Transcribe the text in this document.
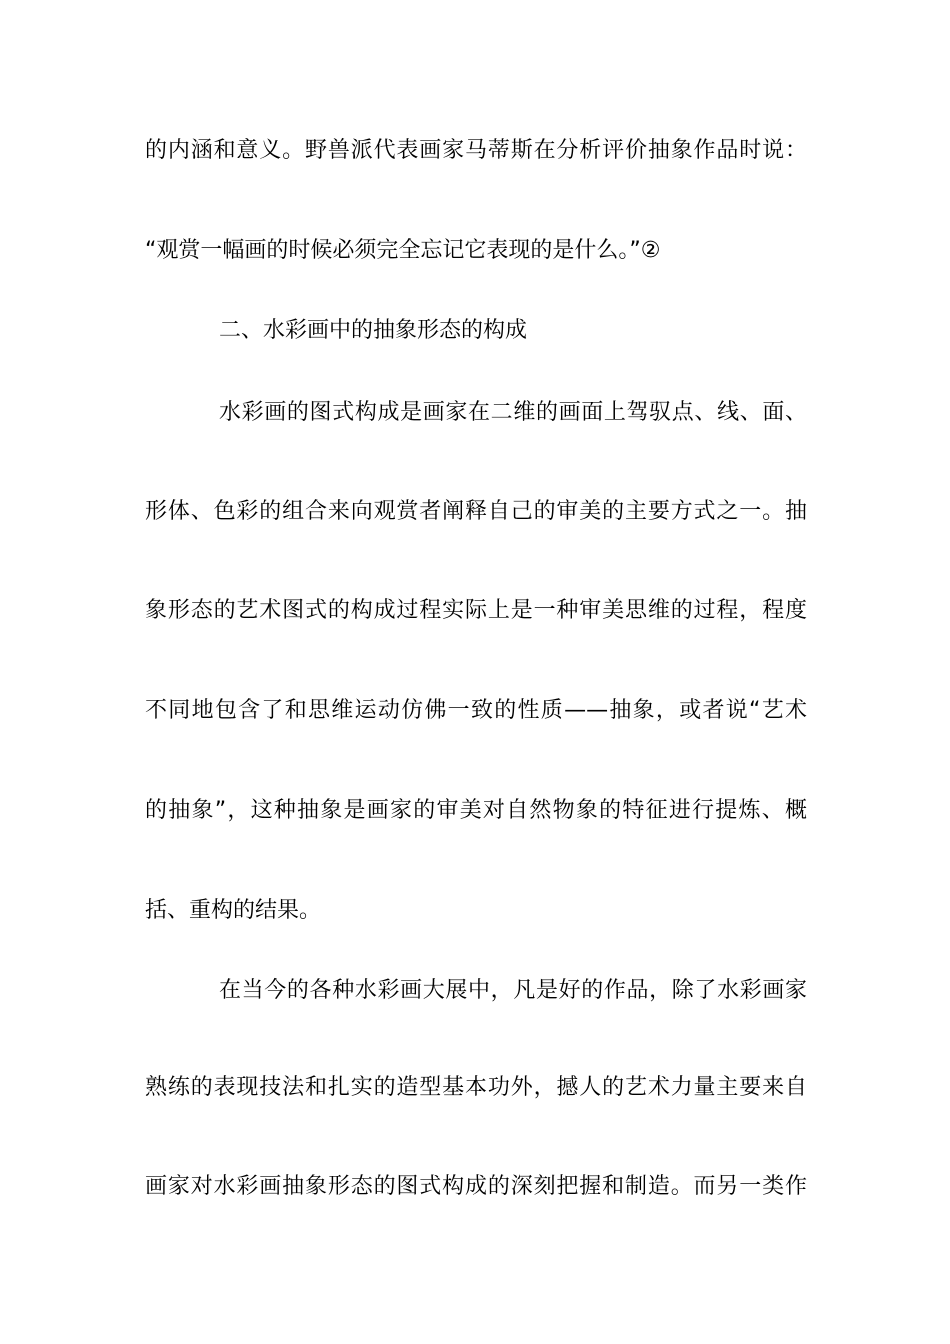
的内涵和意义。野兽派代表画家马蒂斯在分析评价抽象作品时说：
“观赏一幅画的时候必须完全忘记它表现的是什么。”②
二、水彩画中的抽象形态的构成
水彩画的图式构成是画家在二维的画面上驾驭点、线、面、
形体、色彩的组合来向观赏者阐释自己的审美的主要方式之一。抽
象形态的艺术图式的构成过程实际上是一种审美思维的过程，程度
不同地包含了和思维运动仿佛一致的性质——抽象，或者说“艺术
的抽象”，这种抽象是画家的审美对自然物象的特征进行提炼、概
括、重构的结果。
在当今的各种水彩画大展中，凡是好的作品，除了水彩画家
熟练的表现技法和扎实的造型基本功外，撼人的艺术力量主要来自
画家对水彩画抽象形态的图式构成的深刻把握和制造。而另一类作
